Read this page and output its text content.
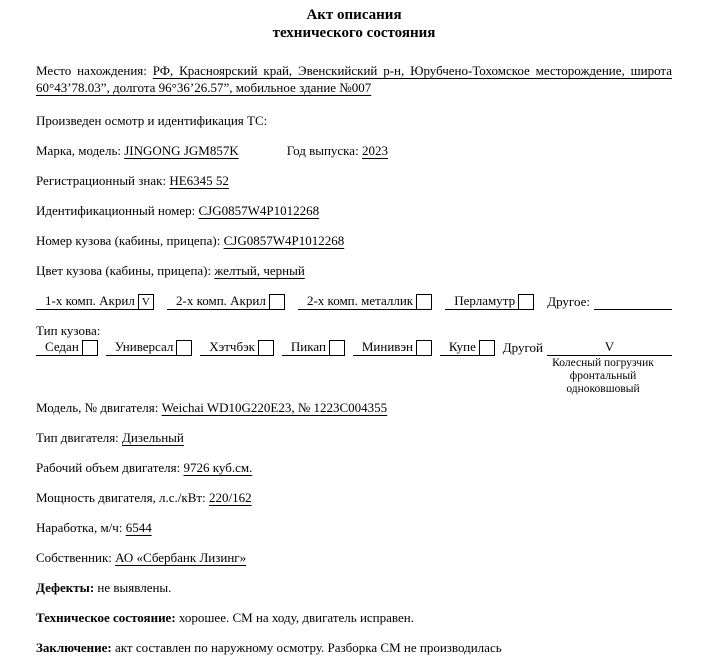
Акт описания
технического состояния

Место нахождения: РФ, Красноярский край, Эвенскийский р-н, Юрубчено-Тохомское месторождение, широта 60°43’78.03”, долгота 96°36’26.57”, мобильное здание №007

Произведен осмотр и идентификация ТС:

Марка, модель: JINGONG JGM857K	Год выпуска: 2023

Регистрационный знак: НЕ6345 52

Идентификационный номер: CJG0857W4P1012268

Номер кузова (кабины, прицепа): CJG0857W4P1012268

Цвет кузова (кабины, прицепа): желтый, черный

1-х комп. Акрил V	2-х комп. Акрил	2-х комп. металлик	Перламутр Другое:

Тип кузова:

Седан	Универсал	Хэтчбэк	Пикап	Минивэн	Купе Другой	V
Колесный погрузчик фронтальный одноковшовый

Модель, № двигателя: Weichai WD10G220E23, № 1223C004355

Тип двигателя: Дизельный

Рабочий объем двигателя: 9726 куб.см.

Мощность двигателя, л.с./кВт: 220/162

Наработка, м/ч: 6544

Собственник: АО «Сбербанк Лизинг»

Дефекты: не выявлены.

Техническое состояние: хорошее. СМ на ходу, двигатель исправен.

Заключение: акт составлен по наружному осмотру. Разборка СМ не производилась
